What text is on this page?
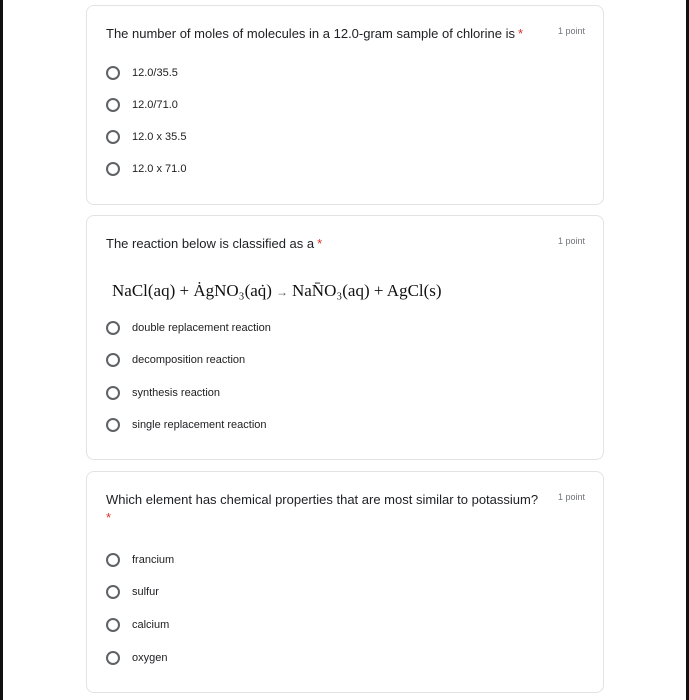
The number of moles of molecules in a 12.0-gram sample of chlorine is *	1 point
12.0/35.5
12.0/71.0
12.0 x 35.5
12.0 x 71.0
The reaction below is classified as a *	1 point
NaCl(aq) + ȦgNO₃(aq̇) → NaN̄O₃(aq) + AgCl(s)
double replacement reaction
decomposition reaction
synthesis reaction
single replacement reaction
Which element has chemical properties that are most similar to potassium?
*
1 point
francium
sulfur
calcium
oxygen
